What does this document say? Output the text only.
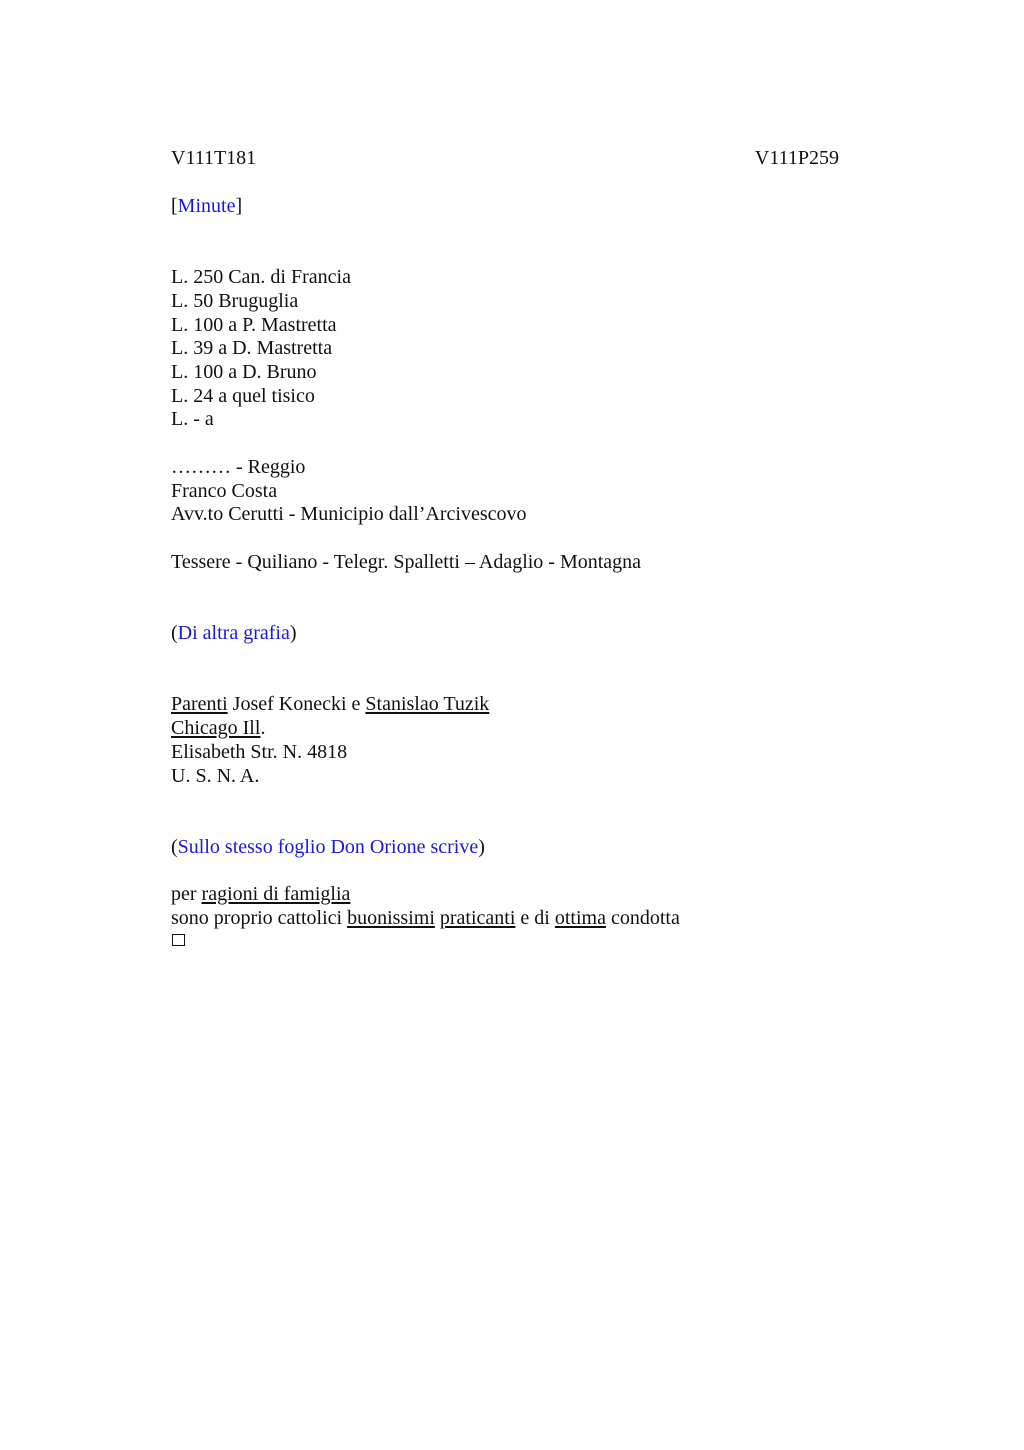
V111T181	V111P259
[Minute]
L. 250 Can. di Francia
L. 50 Bruguglia
L. 100 a P. Mastretta
L. 39 a D. Mastretta
L. 100 a D. Bruno
L. 24 a quel tisico
L. - a
……… - Reggio
Franco Costa
Avv.to Cerutti - Municipio dall’Arcivescovo
Tessere - Quiliano - Telegr. Spalletti – Adaglio - Montagna
(Di altra grafia)
Parenti Josef Konecki e Stanislao Tuzik
Chicago Ill.
Elisabeth Str. N. 4818
U. S. N. A.
(Sullo stesso foglio Don Orione scrive)
per ragioni di famiglia
sono proprio cattolici buonissimi praticanti e di ottima condotta
